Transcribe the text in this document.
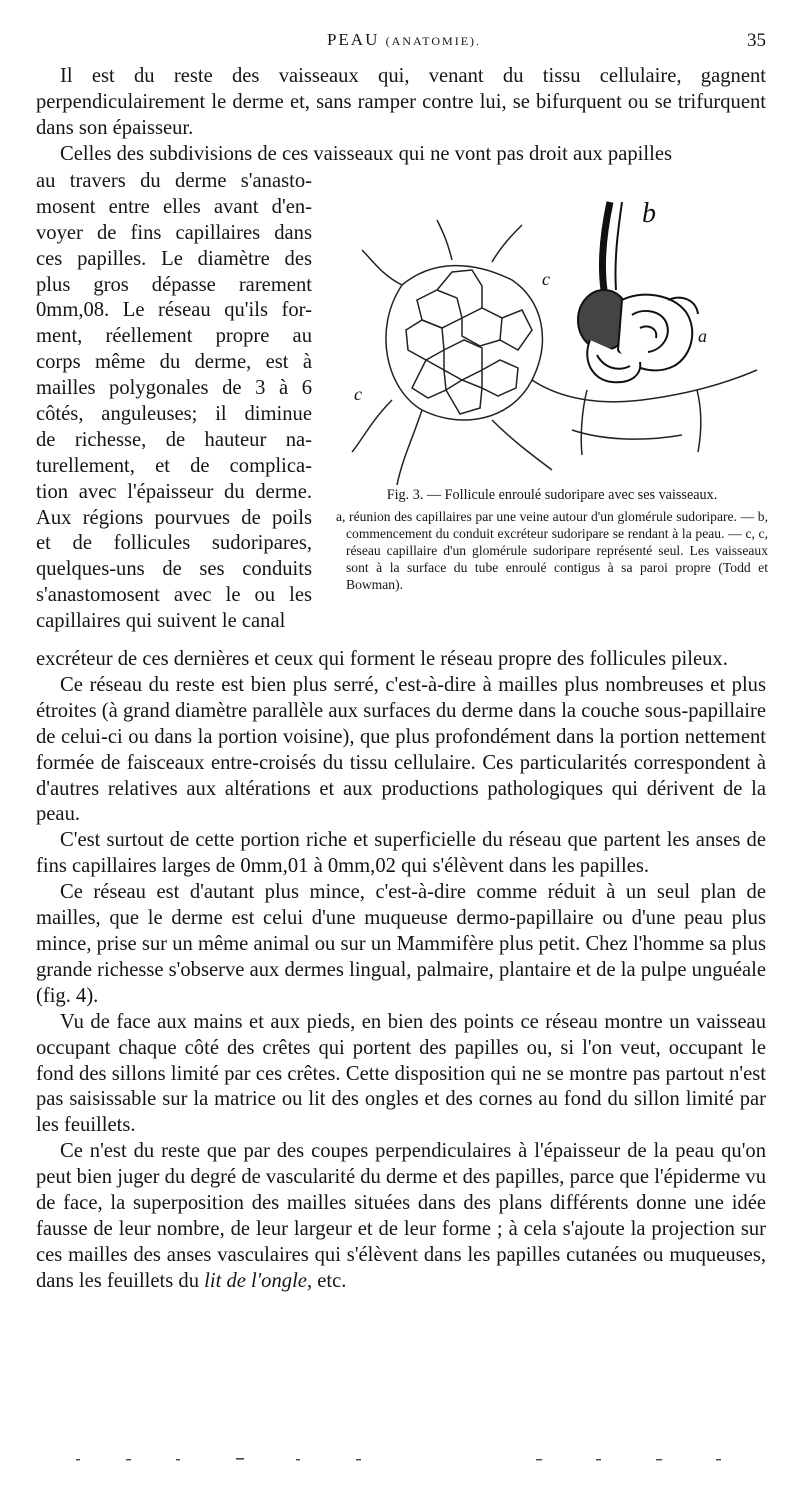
PEAU (ANATOMIE).	35

Il est du reste des vaisseaux qui, venant du tissu cellulaire, gagnent perpendiculairement le derme et, sans ramper contre lui, se bifurquent ou se trifurquent dans son épaisseur.

Celles des subdivisions de ces vaisseaux qui ne vont pas droit aux papilles

au travers du derme s'anasto-
mosent entre elles avant d'en-
voyer de fins capillaires dans
ces papilles. Le diamètre des
plus gros dépasse rarement
0mm,08. Le réseau qu'ils for-
ment, réellement propre au
corps même du derme, est à
mailles polygonales de 3 à 6
côtés, anguleuses; il diminue
de richesse, de hauteur na-
turellement, et de complica-
tion avec l'épaisseur du derme.
Aux régions pourvues de poils
et de follicules sudoripares,
quelques-uns de ses conduits
s'anastomosent avec le ou les
capillaires qui suivent le canal
b
c
a
c
Fig. 3. — Follicule enroulé sudoripare avec ses vaisseaux.
a, réunion des capillaires par une veine autour d'un glomérule sudoripare. — b, commencement du conduit excréteur sudoripare se rendant à la peau. — c, c, réseau capillaire d'un glomérule sudoripare représenté seul. Les vaisseaux sont à la surface du tube enroulé contigus à sa paroi propre (Todd et Bowman).

excréteur de ces dernières et ceux qui forment le réseau propre des follicules pileux.

Ce réseau du reste est bien plus serré, c'est-à-dire à mailles plus nombreuses et plus étroites (à grand diamètre parallèle aux surfaces du derme dans la couche sous-papillaire de celui-ci ou dans la portion voisine), que plus profondément dans la portion nettement formée de faisceaux entre-croisés du tissu cellulaire. Ces particularités correspondent à d'autres relatives aux altérations et aux productions pathologiques qui dérivent de la peau.

C'est surtout de cette portion riche et superficielle du réseau que partent les anses de fins capillaires larges de 0mm,01 à 0mm,02 qui s'élèvent dans les papilles.

Ce réseau est d'autant plus mince, c'est-à-dire comme réduit à un seul plan de mailles, que le derme est celui d'une muqueuse dermo-papillaire ou d'une peau plus mince, prise sur un même animal ou sur un Mammifère plus petit. Chez l'homme sa plus grande richesse s'observe aux dermes lingual, palmaire, plantaire et de la pulpe unguéale (fig. 4).

Vu de face aux mains et aux pieds, en bien des points ce réseau montre un vaisseau occupant chaque côté des crêtes qui portent des papilles ou, si l'on veut, occupant le fond des sillons limité par ces crêtes. Cette disposition qui ne se montre pas partout n'est pas saisissable sur la matrice ou lit des ongles et des cornes au fond du sillon limité par les feuillets.

Ce n'est du reste que par des coupes perpendiculaires à l'épaisseur de la peau qu'on peut bien juger du degré de vascularité du derme et des papilles, parce que l'épiderme vu de face, la superposition des mailles situées dans des plans différents donne une idée fausse de leur nombre, de leur largeur et de leur forme ; à cela s'ajoute la projection sur ces mailles des anses vasculaires qui s'élèvent dans les papilles cutanées ou muqueuses, dans les feuillets du lit de l'ongle, etc.
